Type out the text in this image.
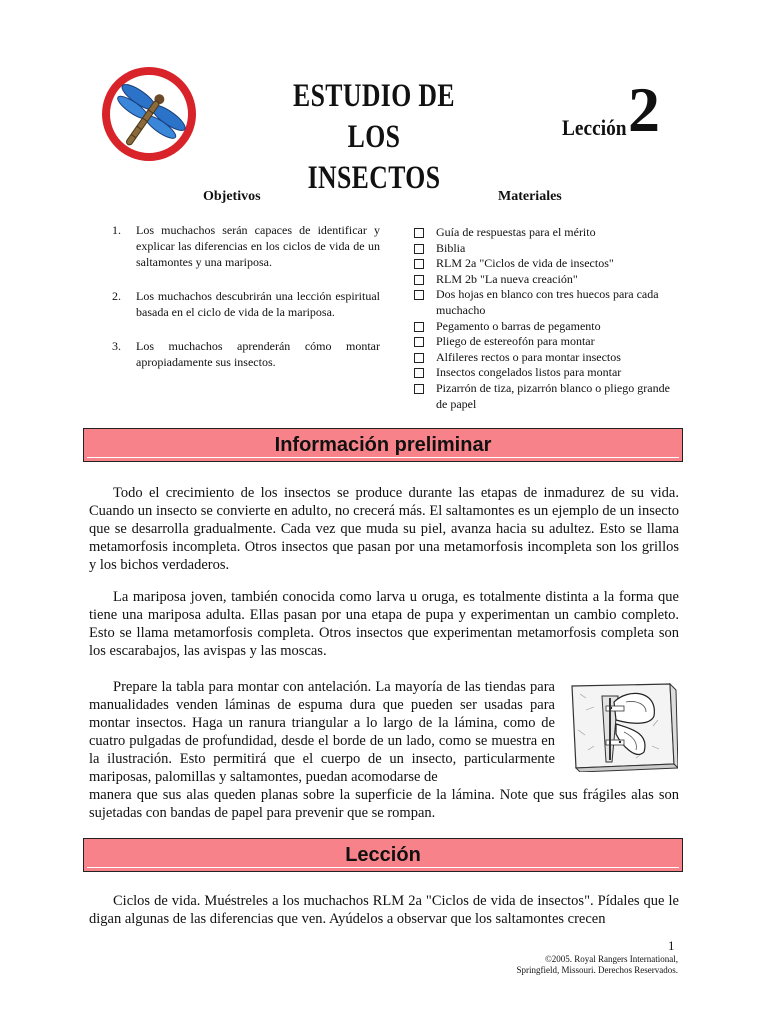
ESTUDIO DE LOS
INSECTOS
Lección 2
Objetivos
1. Los muchachos serán capaces de identificar y explicar las diferencias en los ciclos de vida de un saltamontes y una mariposa.
2. Los muchachos descubrirán una lección espiritual basada en el ciclo de vida de la mariposa.
3. Los muchachos aprenderán cómo montar apropiadamente sus insectos.
Materiales
Guía de respuestas para el mérito
Biblia
RLM 2a "Ciclos de vida de insectos"
RLM 2b "La nueva creación"
Dos hojas en blanco con tres huecos para cada muchacho
Pegamento o barras de pegamento
Pliego de estereofón para montar
Alfileres rectos o para montar insectos
Insectos congelados listos para montar
Pizarrón de tiza, pizarrón blanco o pliego grande de papel
Información preliminar

Todo el crecimiento de los insectos se produce durante las etapas de inmadurez de su vida. Cuando un insecto se convierte en adulto, no crecerá más. El saltamontes es un ejemplo de un insecto que se desarrolla gradualmente. Cada vez que muda su piel, avanza hacia su adultez. Esto se llama metamorfosis incompleta. Otros insectos que pasan por una metamorfosis incompleta son los grillos y los bichos verdaderos.

La mariposa joven, también conocida como larva u oruga, es totalmente distinta a la forma que tiene una mariposa adulta. Ellas pasan por una etapa de pupa y experimentan un cambio completo. Esto se llama metamorfosis completa. Otros insectos que experimentan metamorfosis completa son los escarabajos, las avispas y las moscas.

Prepare la tabla para montar con antelación. La mayoría de las tiendas para manualidades venden láminas de espuma dura que pueden ser usadas para montar insectos. Haga un ranura triangular a lo largo de la lámina, como de cuatro pulgadas de profundidad, desde el borde de un lado, como se muestra en la ilustración. Esto permitirá que el cuerpo de un insecto, particularmente mariposas, palomillas y saltamontes, puedan acomodarse de

manera que sus alas queden planas sobre la superficie de la lámina. Note que sus frágiles alas son sujetadas con bandas de papel para prevenir que se rompan.

Lección

Ciclos de vida. Muéstreles a los muchachos RLM 2a "Ciclos de vida de insectos". Pídales que le digan algunas de las diferencias que ven. Ayúdelos a observar que los saltamontes crecen

1
©2005. Royal Rangers International,
Springfield, Missouri. Derechos Reservados.
